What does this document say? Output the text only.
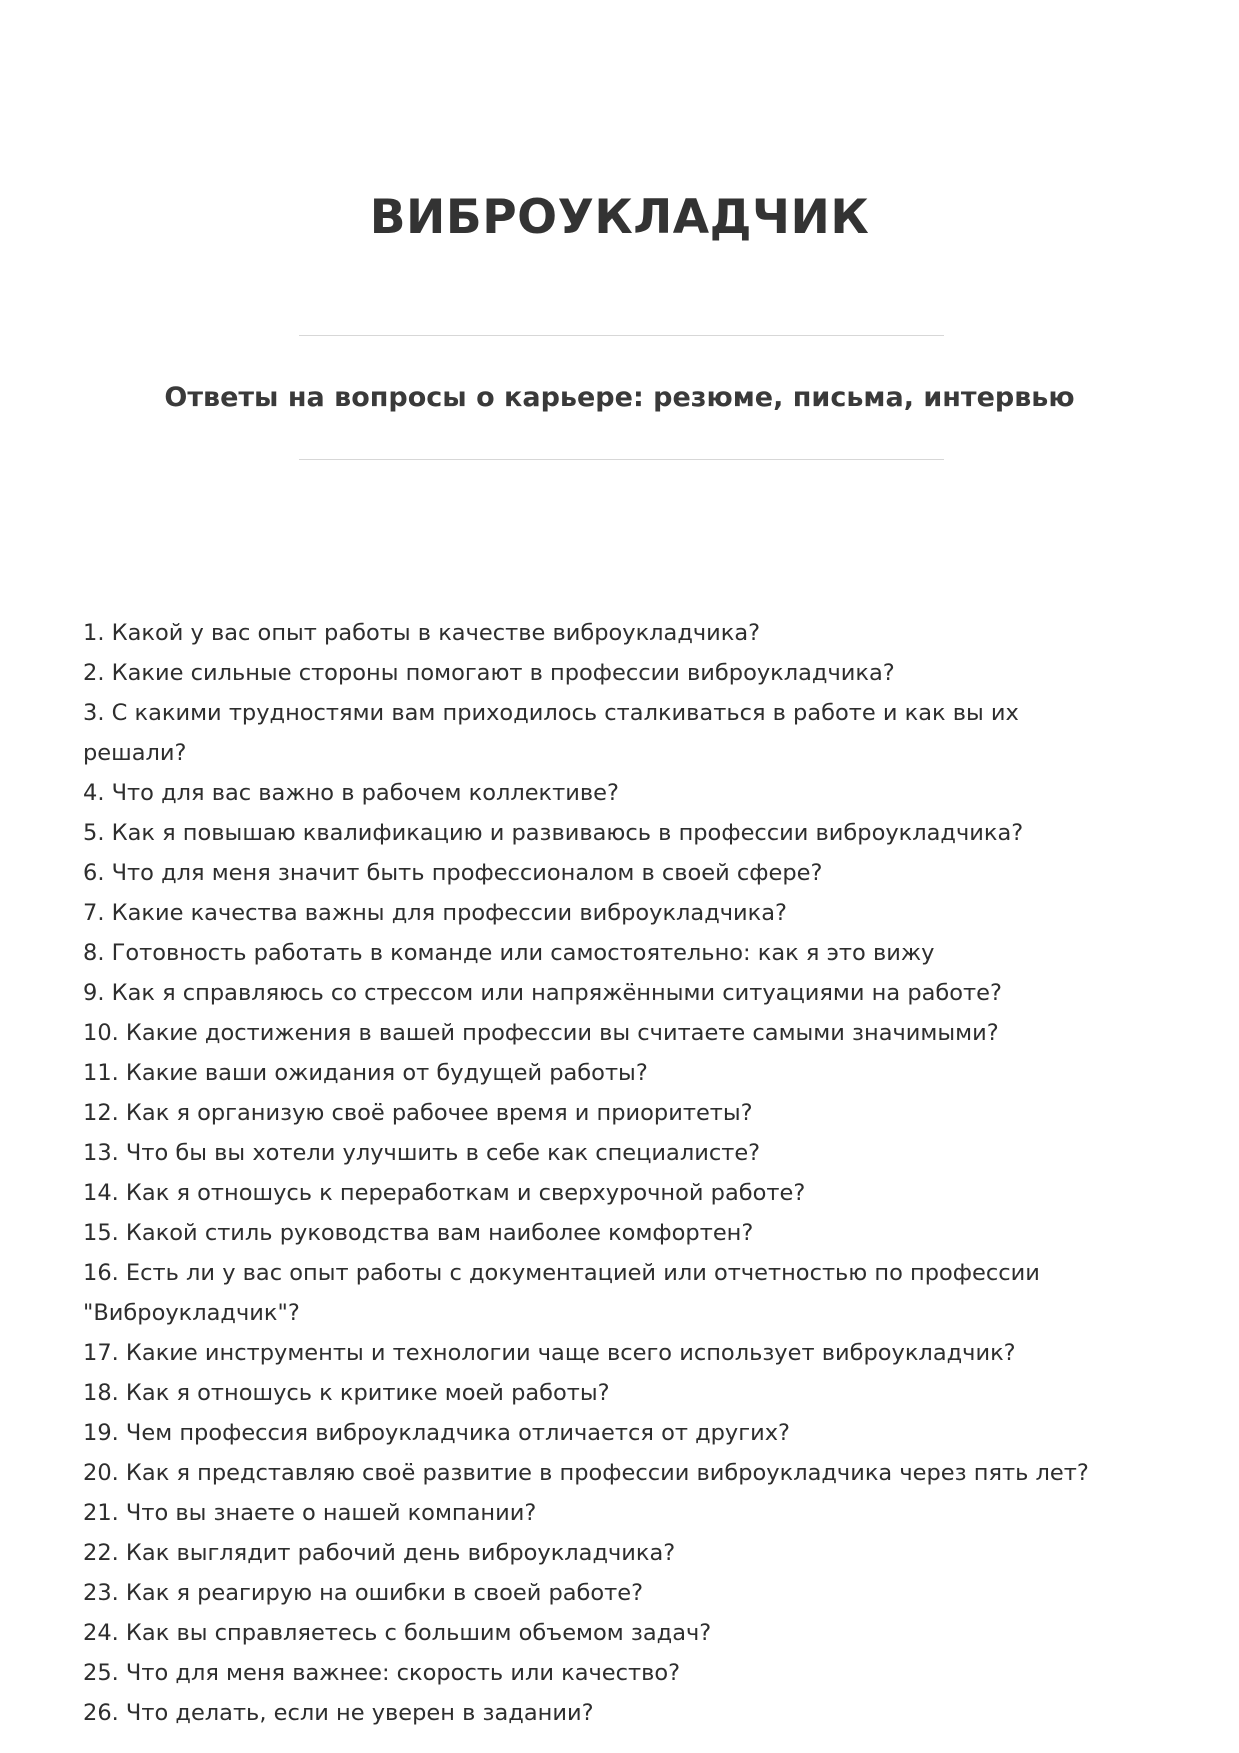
ВИБРОУКЛАДЧИК
Ответы на вопросы о карьере: резюме, письма, интервью
1. Какой у вас опыт работы в качестве виброукладчика?
2. Какие сильные стороны помогают в профессии виброукладчика?
3. С какими трудностями вам приходилось сталкиваться в работе и как вы их решали?
4. Что для вас важно в рабочем коллективе?
5. Как я повышаю квалификацию и развиваюсь в профессии виброукладчика?
6. Что для меня значит быть профессионалом в своей сфере?
7. Какие качества важны для профессии виброукладчика?
8. Готовность работать в команде или самостоятельно: как я это вижу
9. Как я справляюсь со стрессом или напряжёнными ситуациями на работе?
10. Какие достижения в вашей профессии вы считаете самыми значимыми?
11. Какие ваши ожидания от будущей работы?
12. Как я организую своё рабочее время и приоритеты?
13. Что бы вы хотели улучшить в себе как специалисте?
14. Как я отношусь к переработкам и сверхурочной работе?
15. Какой стиль руководства вам наиболее комфортен?
16. Есть ли у вас опыт работы с документацией или отчетностью по профессии "Виброукладчик"?
17. Какие инструменты и технологии чаще всего использует виброукладчик?
18. Как я отношусь к критике моей работы?
19. Чем профессия виброукладчика отличается от других?
20. Как я представляю своё развитие в профессии виброукладчика через пять лет?
21. Что вы знаете о нашей компании?
22. Как выглядит рабочий день виброукладчика?
23. Как я реагирую на ошибки в своей работе?
24. Как вы справляетесь с большим объемом задач?
25. Что для меня важнее: скорость или качество?
26. Что делать, если не уверен в задании?
